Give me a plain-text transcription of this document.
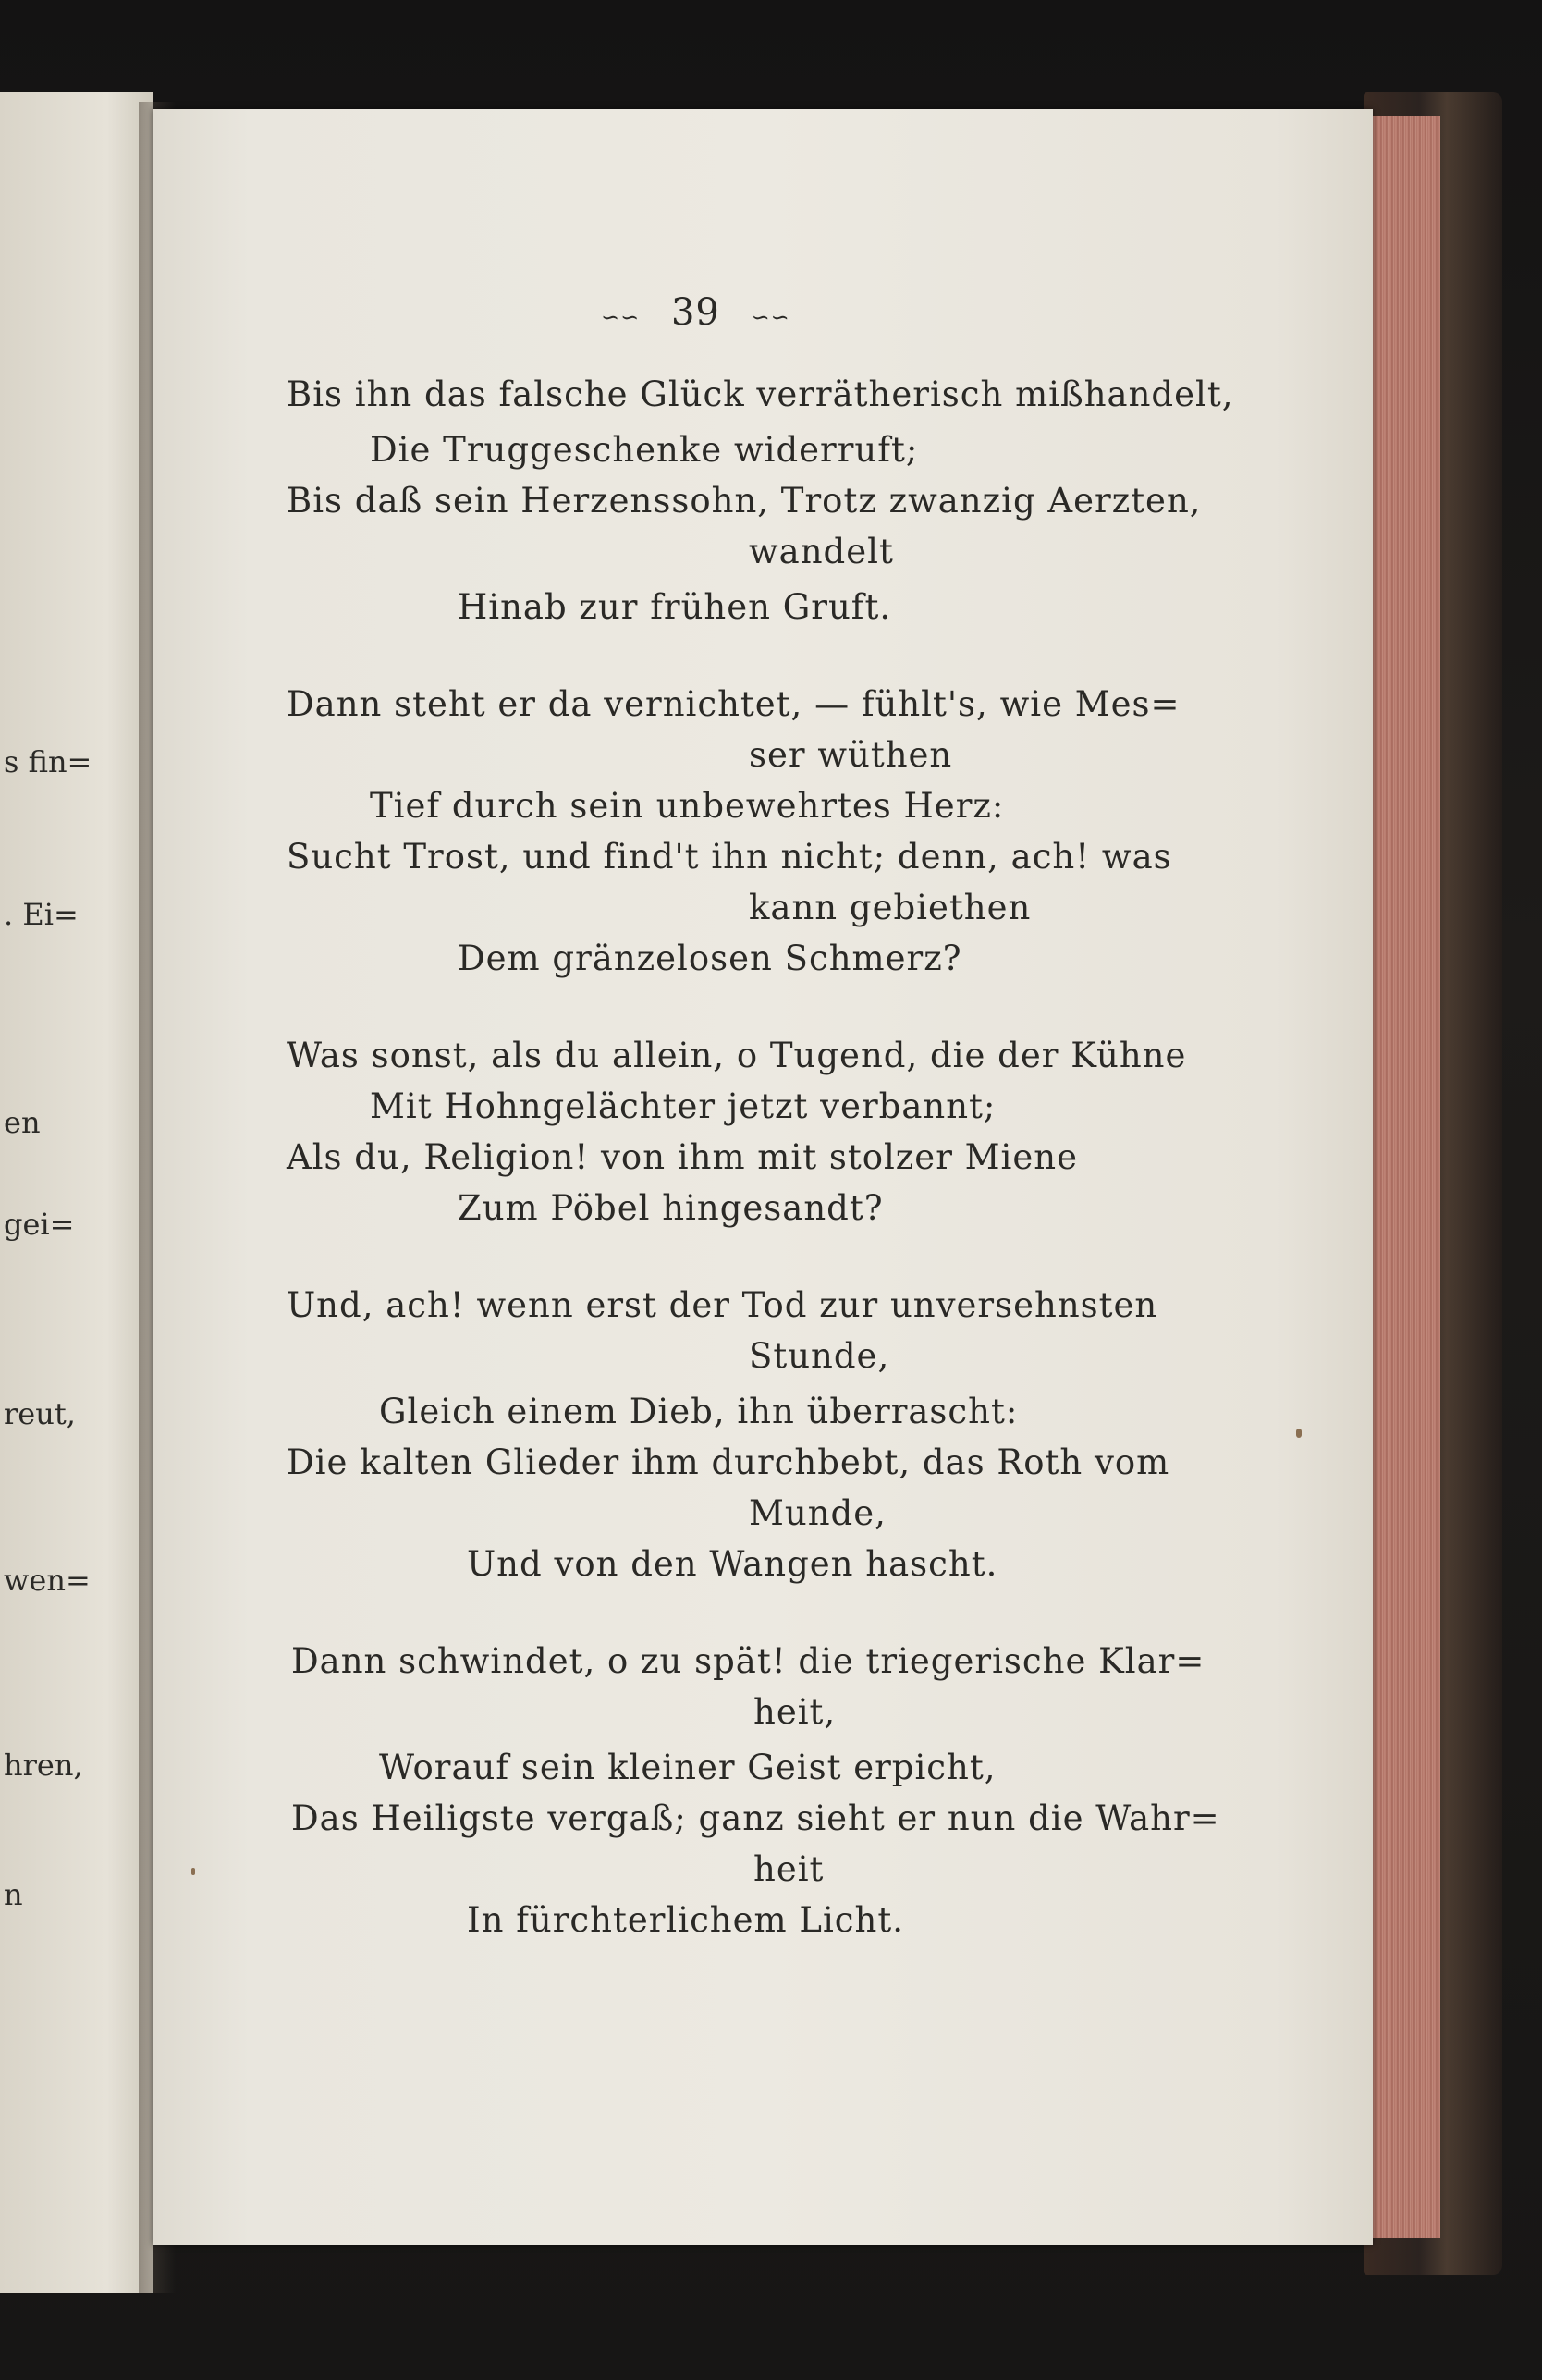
s fin=
. Ei=
en
gei=
reut,
wen=
hren,
n
∽∽ 39 ∽∽
Bis ihn das falsche Glück verrätherisch mißhandelt,
Die Truggeschenke widerruft;
Bis daß sein Herzenssohn, Trotz zwanzig Aerzten,
wandelt
Hinab zur frühen Gruft.
Dann steht er da vernichtet, — fühlt's, wie Mes=
ser wüthen
Tief durch sein unbewehrtes Herz:
Sucht Trost, und find't ihn nicht; denn, ach! was
kann gebiethen
Dem gränzelosen Schmerz?
Was sonst, als du allein, o Tugend, die der Kühne
Mit Hohngelächter jetzt verbannt;
Als du, Religion! von ihm mit stolzer Miene
Zum Pöbel hingesandt?
Und, ach! wenn erst der Tod zur unversehnsten
Stunde,
Gleich einem Dieb, ihn überrascht:
Die kalten Glieder ihm durchbebt, das Roth vom
Munde,
Und von den Wangen hascht.
Dann schwindet, o zu spät! die triegerische Klar=
heit,
Worauf sein kleiner Geist erpicht,
Das Heiligste vergaß; ganz sieht er nun die Wahr=
heit
In fürchterlichem Licht.
